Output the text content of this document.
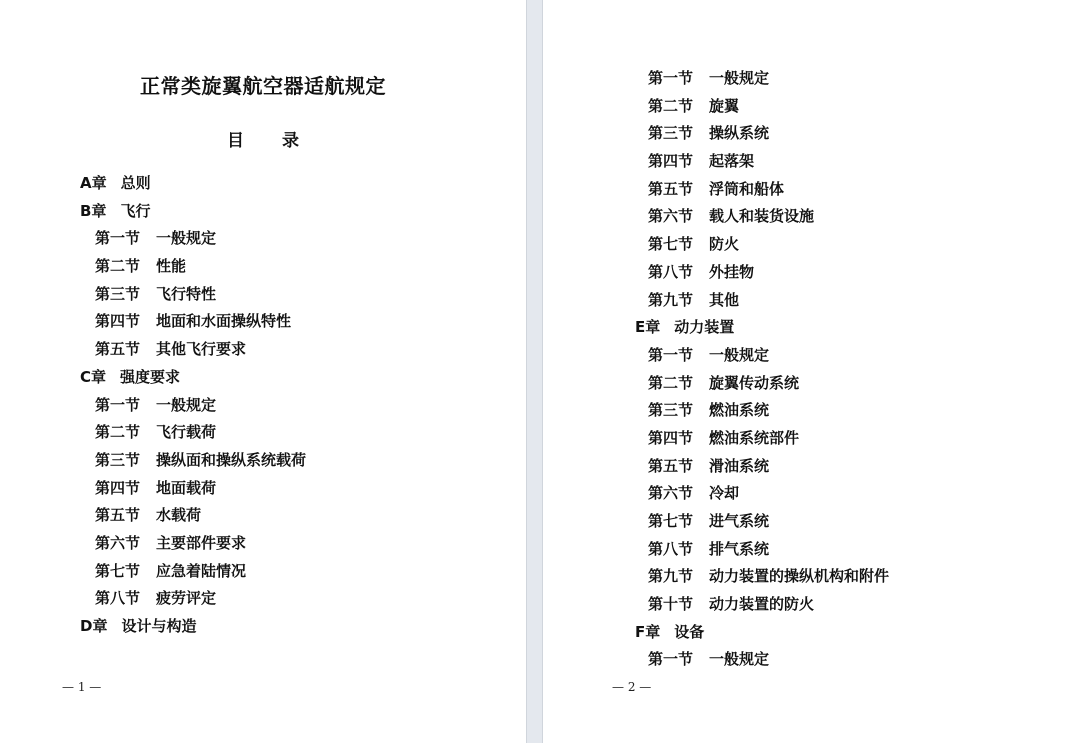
正常类旋翼航空器适航规定
目录
— 1 —	— 2 —
A章 总则
B章 飞行
第一节 一般规定
第二节 性能
第三节 飞行特性
第四节 地面和水面操纵特性
第五节 其他飞行要求
C章 强度要求
第一节 一般规定
第二节 飞行载荷
第三节 操纵面和操纵系统载荷
第四节 地面载荷
第五节 水载荷
第六节 主要部件要求
第七节 应急着陆情况
第八节 疲劳评定
D章 设计与构造
第一节 一般规定
第二节 旋翼
第三节 操纵系统
第四节 起落架
第五节 浮筒和船体
第六节 载人和装货设施
第七节 防火
第八节 外挂物
第九节 其他
E章 动力装置
第一节 一般规定
第二节 旋翼传动系统
第三节 燃油系统
第四节 燃油系统部件
第五节 滑油系统
第六节 冷却
第七节 进气系统
第八节 排气系统
第九节 动力装置的操纵机构和附件
第十节 动力装置的防火
F章 设备
第一节 一般规定
